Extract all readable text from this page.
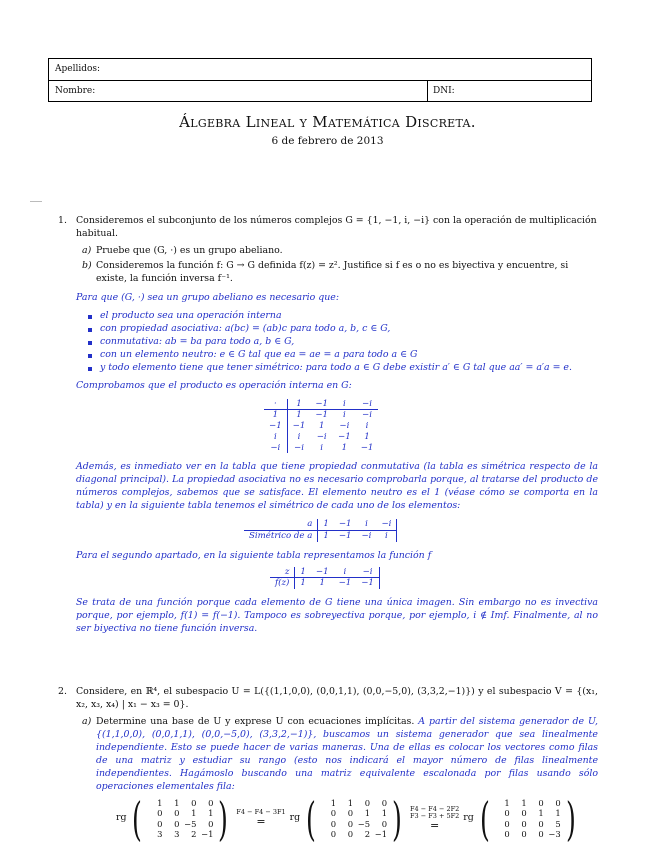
Apellidos:
Nombre:	DNI:
Álgebra Lineal y Matemática Discreta.
6 de febrero de 2013
1. Consideremos el subconjunto de los números complejos G = {1, −1, i, −i} con la operación de multiplicación habitual.
a) Pruebe que (G, ·) es un grupo abeliano.
b) Consideremos la función f: G → G definida f(z) = z². Justifice si f es o no es biyectiva y encuentre, si existe, la función inversa f⁻¹.
Para que (G, ·) sea un grupo abeliano es necesario que:
el producto sea una operación interna
con propiedad asociativa: a(bc) = (ab)c para todo a, b, c ∈ G,
conmutativa: ab = ba para todo a, b ∈ G,
con un elemento neutro: e ∈ G tal que ea = ae = a para todo a ∈ G
y todo elemento tiene que tener simétrico: para todo a ∈ G debe existir a′ ∈ G tal que aa′ = a′a = e.
Comprobamos que el producto es operación interna en G:
·	1	−1	i	−i
1	1	−1	i	−i
−1	−1	1	−i	i
i	i	−i	−1	1
−i	−i	i	1	−1
Además, es inmediato ver en la tabla que tiene propiedad conmutativa (la tabla es simétrica respecto de la diagonal principal). La propiedad asociativa no es necesario comprobarla porque, al tratarse del producto de números complejos, sabemos que se satisface. El elemento neutro es el 1 (véase cómo se comporta en la tabla) y en la siguiente tabla tenemos el simétrico de cada uno de los elementos:
a	1	−1	i	−i
Simétrico de a	1	−1	−i	i
Para el segundo apartado, en la siguiente tabla representamos la función f
z	1	−1	i	−i
f(z)	1	1	−1	−1
Se trata de una función porque cada elemento de G tiene una única imagen. Sin embargo no es invectiva porque, por ejemplo, f(1) = f(−1). Tampoco es sobreyectiva porque, por ejemplo, i ∉ Imf. Finalmente, al no ser biyectiva no tiene función inversa.
2. Considere, en ℝ⁴, el subespacio U = L({(1,1,0,0), (0,0,1,1), (0,0,−5,0), (3,3,2,−1)}) y el subespacio V = {(x₁, x₂, x₃, x₄) | x₁ − x₃ = 0}.
a) Determine una base de U y exprese U con ecuaciones implícitas. A partir del sistema generador de U, {(1,1,0,0), (0,0,1,1), (0,0,−5,0), (3,3,2,−1)}, buscamos un sistema generador que sea linealmente independiente. Esto se puede hacer de varias maneras. Una de ellas es colocar los vectores como filas de una matriz y estudiar su rango (esto nos indicará el mayor número de filas linealmente independientes. Hagámoslo buscando una matriz equivalente escalonada por filas usando sólo operaciones elementales fila:
rg ( 1	1	0	0
0	0	1	1
0	0	−5	0
3	3	2	−1 ) F4 − F4 − 3F1
=	rg ( 1	1	0	0
0	0	1	1
0	0	−5	0
0	0	2	−1 ) F4 − F4 − 2F2
F3 − F3 + 5F2
=
rg ( 1	1	0	0
0	0	1	1
0	0	0	5
0	0	0	−3 )
